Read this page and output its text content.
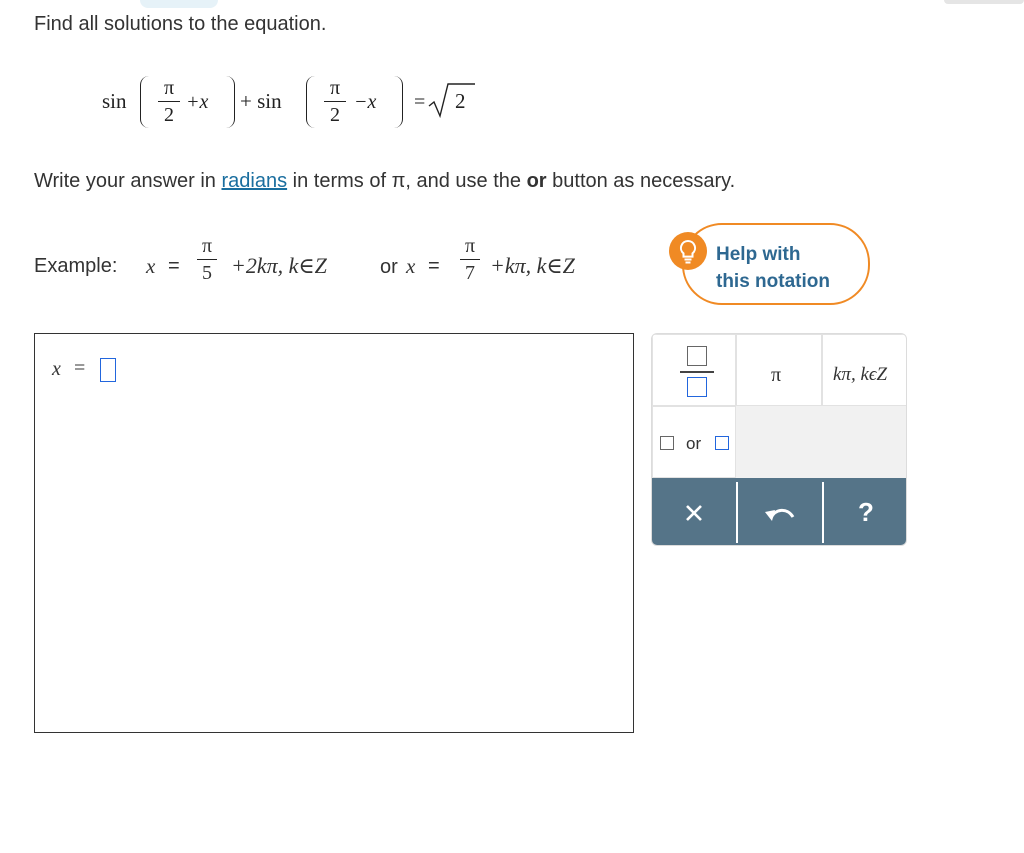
Find all solutions to the equation.
sin
π
2
+x + sin
π
2
−x = 2
Write your answer in radians in terms of π, and use the or button as necessary.
Example: x =
π
5 +2kπ, k∈Z	or x =
π
7 +kπ, k∈Z	Help with
this notation
x =	π	kπ, kϵZ
or
?
